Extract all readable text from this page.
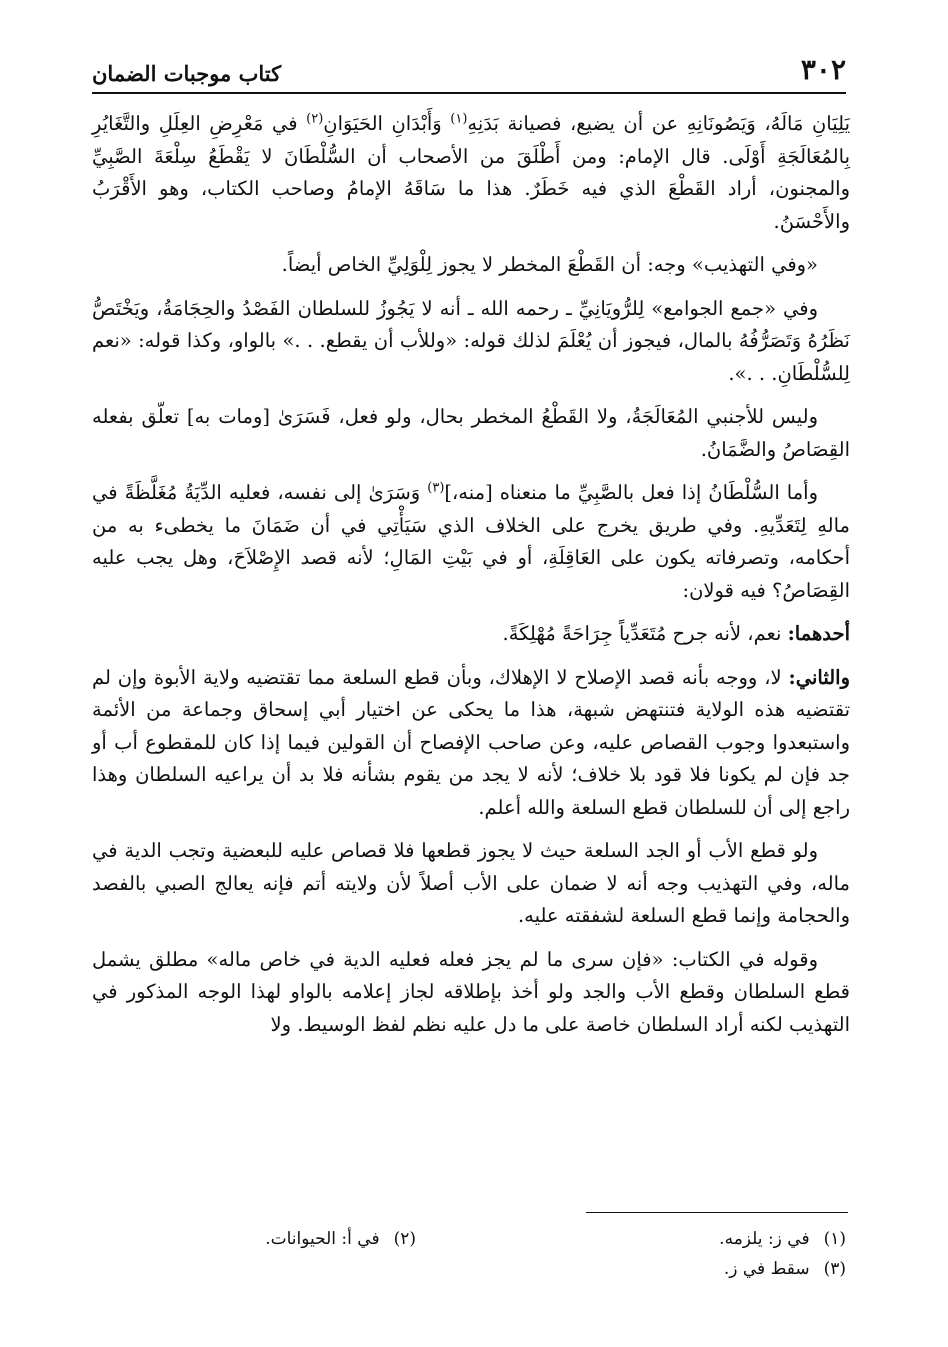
٣٠٢
كتاب موجبات الضمان

يَلِيَانِ مَالَهُ، وَيَصُونَانِهِ عن أن يضيع، فصيانة بَدَنِهِ$^{(١)}$ وَأَبْدَانِ الحَيَوَانِ$^{(٢)}$ في مَعْرِضِ العِلَلِ والتَّغَايُرِ بِالمُعَالَجَةِ أَوْلَى. قال الإمام: ومن أَطْلَقَ من الأصحاب أن السُّلْطَانَ لا يَقْطَعُ سِلْعَةَ الصَّبِيِّ والمجنون، أراد القَطْعَ الذي فيه خَطَرٌ. هذا ما سَاقَهُ الإمامُ وصاحب الكتاب، وهو الأَقْرَبُ والأَحْسَنُ.

«وفي التهذيب» وجه: أن القَطْعَ المخطر لا يجوز لِلْوَلِيِّ الخاص أيضاً.

وفي «جمع الجوامع» لِلرُّويَانِيِّ ـ رحمه الله ـ أنه لا يَجُوزُ للسلطان الفَصْدُ والحِجَامَةُ، ويَخْتَصُّ نَظَرُهُ وَتَصَرُّفُهُ بالمال، فيجوز أن يُعْلَمَ لذلك قوله: «وللأب أن يقطع. . .» بالواو، وكذا قوله: «نعم لِلسُّلْطَانِ. . .».

وليس للأجنبي المُعَالَجَةُ، ولا القَطْعُ المخطر بحال، ولو فعل، فَسَرَىٰ [ومات به] تعلّق بفعله القِصَاصُ والضَّمَانُ.

وأما السُّلْطَانُ إذا فعل بالصَّبِيِّ ما منعناه [منه،]$^{(٣)}$ وَسَرَىٰ إلى نفسه، فعليه الدِّيَةُ مُغَلَّظَةً في مالهِ لِتَعَدِّيهِ. وفي طريق يخرج على الخلاف الذي سَيَأْتِي في أن ضَمَانَ ما يخطىء به من أحكامه، وتصرفاته يكون على العَاقِلَةِ، أو في بَيْتِ المَالِ؛ لأنه قصد الإِصْلاَحَ، وهل يجب عليه القِصَاصُ؟ فيه قولان:

أحدهما: نعم، لأنه جرح مُتَعَدِّياً جِرَاحَةً مُهْلِكَةً.

والثاني: لا، ووجه بأنه قصد الإصلاح لا الإهلاك، وبأن قطع السلعة مما تقتضيه ولاية الأبوة وإن لم تقتضيه هذه الولاية فتنتهض شبهة، هذا ما يحكى عن اختيار أبي إسحاق وجماعة من الأئمة واستبعدوا وجوب القصاص عليه، وعن صاحب الإفصاح أن القولين فيما إذا كان للمقطوع أب أو جد فإن لم يكونا فلا قود بلا خلاف؛ لأنه لا يجد من يقوم بشأنه فلا بد أن يراعيه السلطان وهذا راجع إلى أن للسلطان قطع السلعة والله أعلم.

ولو قطع الأب أو الجد السلعة حيث لا يجوز قطعها فلا قصاص عليه للبعضية وتجب الدية في ماله، وفي التهذيب وجه أنه لا ضمان على الأب أصلاً لأن ولايته أتم فإنه يعالج الصبي بالفصد والحجامة وإنما قطع السلعة لشفقته عليه.

وقوله في الكتاب: «فإن سرى ما لم يجز فعله فعليه الدية في خاص ماله» مطلق يشمل قطع السلطان وقطع الأب والجد ولو أخذ بإطلاقه لجاز إعلامه بالواو لهذا الوجه المذكور في التهذيب لكنه أراد السلطان خاصة على ما دل عليه نظم لفظ الوسيط. ولا

(١)
في ز: يلزمه.
(٢)
في أ: الحيوانات.
(٣)
سقط في ز.
